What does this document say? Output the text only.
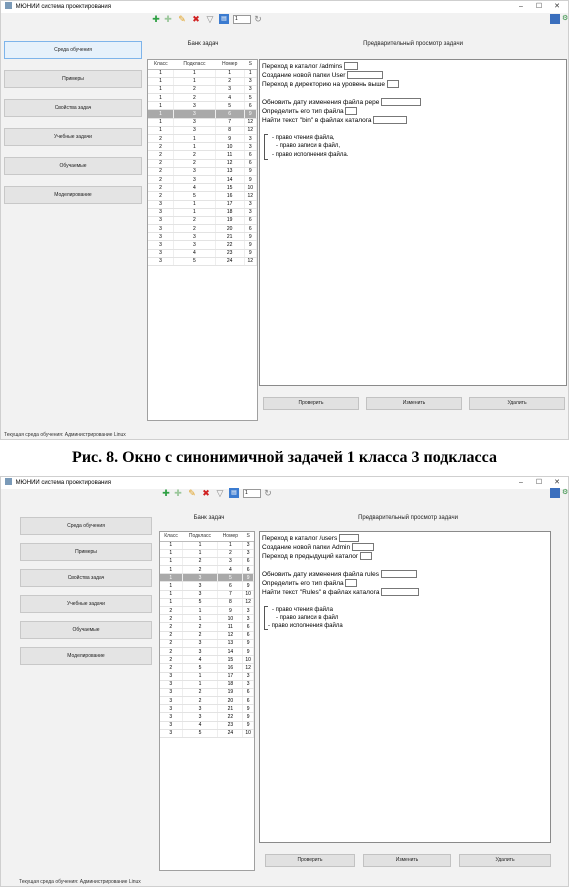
МЮНИИ система проектирования	– ☐ ✕
Среда обучения
Примеры
Свойства задач
Учебные задачи
Обучаемые
Моделирование
✚ ✚ ✎ ✖ ▽	▤	1	↻	⚙
Банк задач	Предварительный просмотр задачи
Класс	Подкласс	Номер	S
1	1	1	1
1	1	2	3
1	2	3	3
1	2	4	5
1	3	5	6
1	3	6	9
1	3	7	12
1	3	8	12
2	1	9	3
2	1	10	3
2	2	11	6
2	2	12	6
2	3	13	9
2	3	14	9
2	4	15	10
2	5	16	12
3	1	17	3
3	1	18	3
3	2	19	6
3	2	20	6
3	3	21	9
3	3	22	9
3	4	23	9
3	5	24	12
Переход в каталог /admins
Создание новой папки User
Переход в директорию на уровень выше
Обновить дату изменения файла pepe
Определить его тип файла
Найти текст "bin" в файлах каталога
- право чтения файла,
- право записи в файл,
- право исполнения файла.
Проверить	Изменить	Удалить
Текущая среда обучения: Администрирование Linux
Рис. 8. Окно с синонимичной задачей 1 класса 3 подкласса
МЮНИИ система проектирования	– ☐ ✕
Среда обучения
Примеры
Свойства задач
Учебные задачи
Обучаемые
Моделирование
✚ ✚ ✎ ✖ ▽	▤	1	↻	⚙
Банк задач	Предварительный просмотр задачи
Класс	Подкласс	Номер	S
1	1	1	3
1	1	2	3
1	2	3	6
1	2	4	6
1	3	5	9
1	3	6	9
1	3	7	10
1	5	8	12
2	1	9	3
2	1	10	3
2	2	11	6
2	2	12	6
2	3	13	9
2	3	14	9
2	4	15	10
2	5	16	12
3	1	17	3
3	1	18	3
3	2	19	6
3	2	20	6
3	3	21	9
3	3	22	9
3	4	23	9
3	5	24	10
Переход в каталог /users
Создание новой папки Admin
Переход в предыдущий каталог
Обновить дату изменения файла rules
Определить его тип файла
Найти текст "Rules" в файлах каталога
- право чтения файла
- право записи в файл
- право исполнения файла
Проверить	Изменить	Удалить
Текущая среда обучения: Администрирование Linux
